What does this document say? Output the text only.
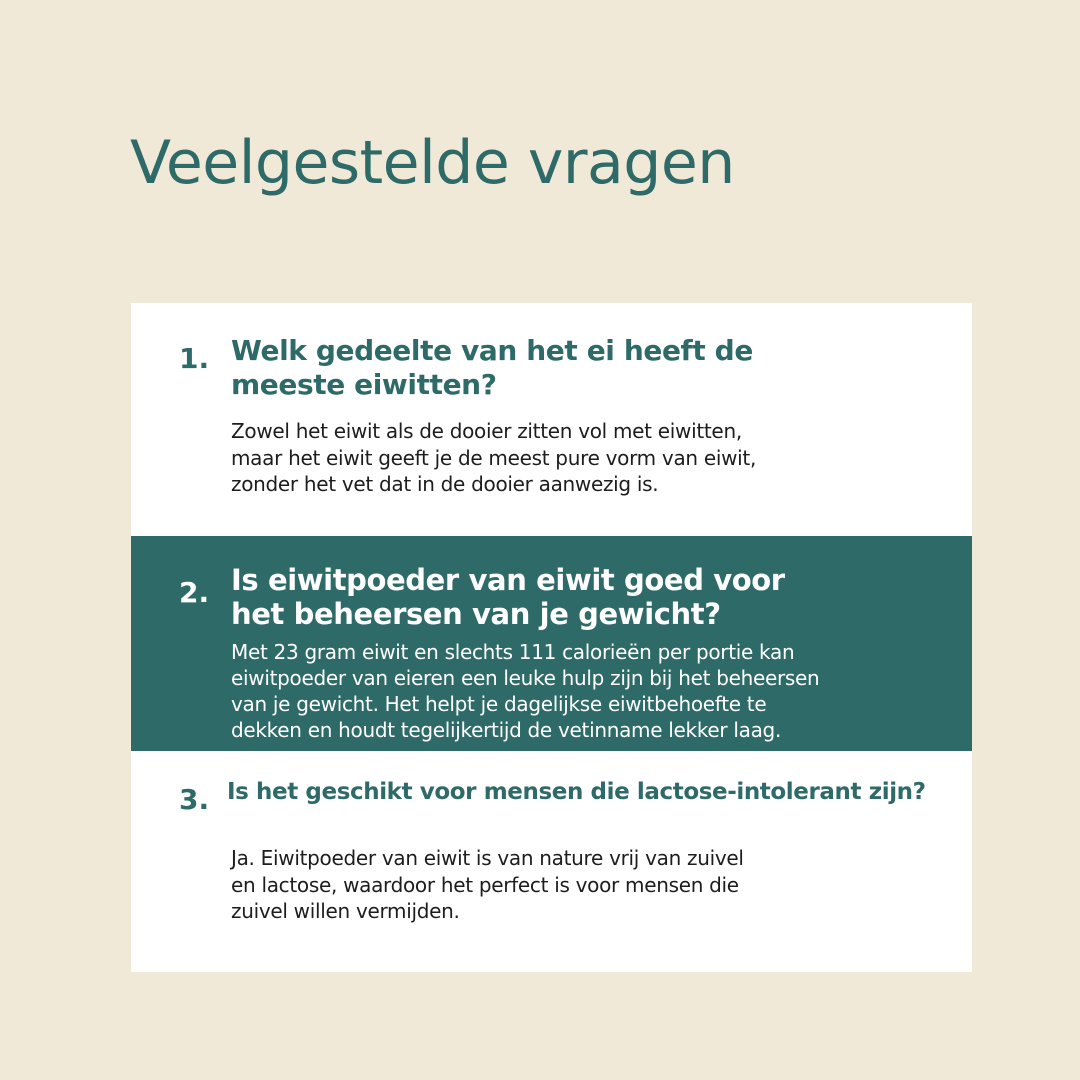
Veelgestelde vragen
1. Welk gedeelte van het ei heeft de
meeste eiwitten?

Zowel het eiwit als de dooier zitten vol met eiwitten,
maar het eiwit geeft je de meest pure vorm van eiwit,
zonder het vet dat in de dooier aanwezig is.

2. Is eiwitpoeder van eiwit goed voor
het beheersen van je gewicht?

Met 23 gram eiwit en slechts 111 calorieën per portie kan
eiwitpoeder van eieren een leuke hulp zijn bij het beheersen
van je gewicht. Het helpt je dagelijkse eiwitbehoefte te
dekken en houdt tegelijkertijd de vetinname lekker laag.

3. Is het geschikt voor mensen die lactose-intolerant zijn?

Ja. Eiwitpoeder van eiwit is van nature vrij van zuivel
en lactose, waardoor het perfect is voor mensen die
zuivel willen vermijden.
